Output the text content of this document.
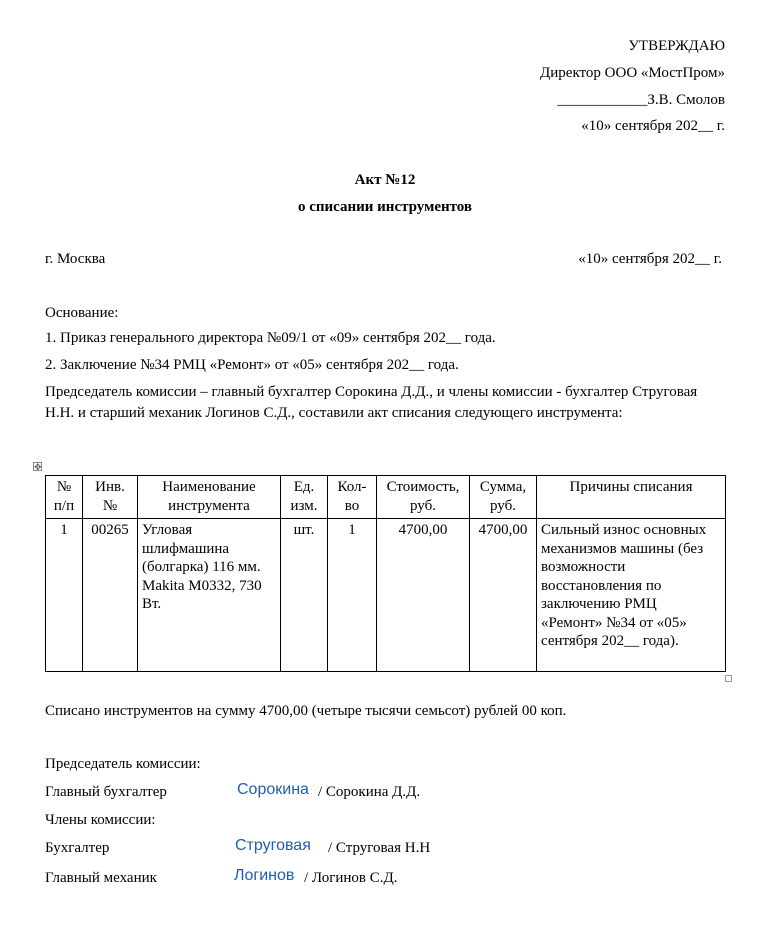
УТВЕРЖДАЮ
Директор ООО «МостПром»
____________З.В. Смолов
«10» сентября 202__ г.
Акт №12
о списании инструментов
г. Москва	«10» сентября 202__ г.
Основание:
1. Приказ генерального директора №09/1 от «09» сентября 202__ года.
2. Заключение №34 РМЦ «Ремонт» от «05» сентября 202__ года.
Председатель комиссии – главный бухгалтер Сорокина Д.Д., и члены комиссии - бухгалтер Струговая Н.Н. и старший механик Логинов С.Д., составили акт списания следующего инструмента:
✥
№ п/п	Инв. №	Наименование инструмента	Ед. изм.	Кол-во	Стоимость, руб.	Сумма, руб.	Причины списания
1	00265	Угловая шлифмашина (болгарка) 116 мм. Makita M0332, 730 Вт.	шт.	1	4700,00	4700,00	Сильный износ основных механизмов машины (без возможности восстановления по заключению РМЦ «Ремонт» №34 от «05» сентября 202__ года).
Списано инструментов на сумму 4700,00 (четыре тысячи семьсот) рублей 00 коп.
Председатель комиссии:
Главный бухгалтер	Сорокина / Сорокина Д.Д.
Члены комиссии:
Бухгалтер	Струговая / Струговая Н.Н
Главный механик	Логинов / Логинов С.Д.
